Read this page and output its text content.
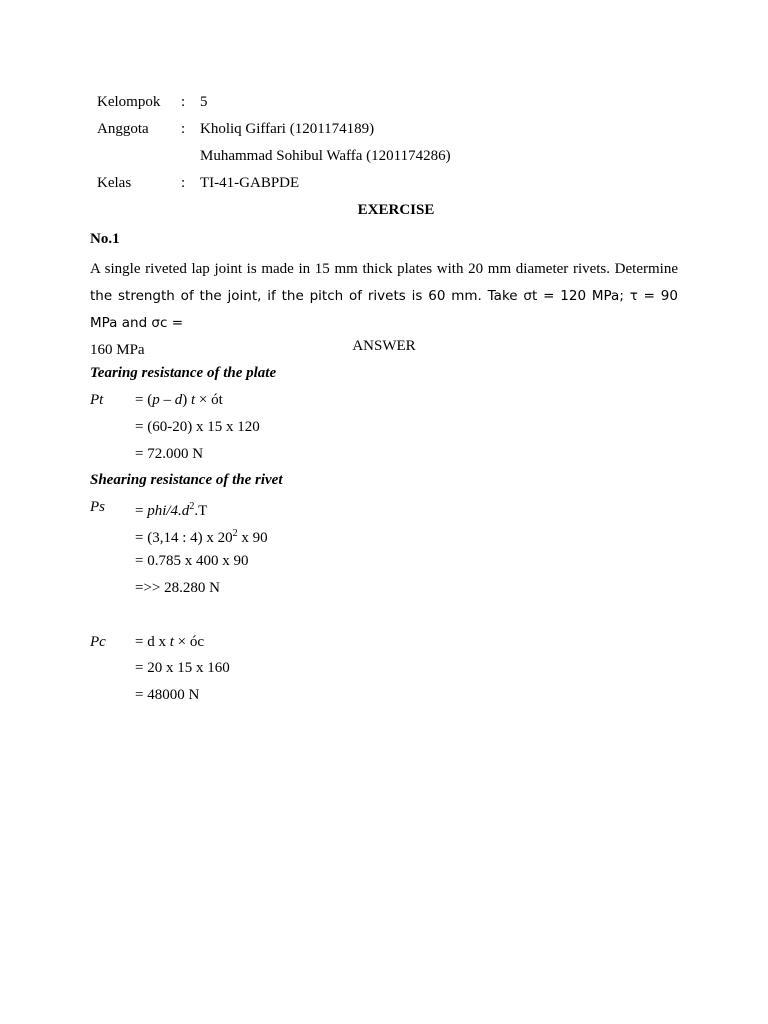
Kelompok : 5
Anggota : Kholiq Giffari (1201174189)
Muhammad Sohibul Waffa (1201174286)
Kelas	: TI-41-GABPDE
EXERCISE
No.1
A single riveted lap joint is made in 15 mm thick plates with 20 mm diameter rivets. Determine the strength of the joint, if the pitch of rivets is 60 mm. Take σt = 120 MPa; τ = 90 MPa and σc =
160 MPa	ANSWER
Tearing resistance of the plate
Pt = (p – d) t × ót
= (60-20) x 15 x 120
= 72.000 N
Shearing resistance of the rivet
Ps = phi/$4.d^2.T$
= (3,14 : 4) x $20^2$ x 90
= 0.785 x 400 x 90
=>> 28.280 N
Pc = d x t × óc
= 20 x 15 x 160
= 48000 N
